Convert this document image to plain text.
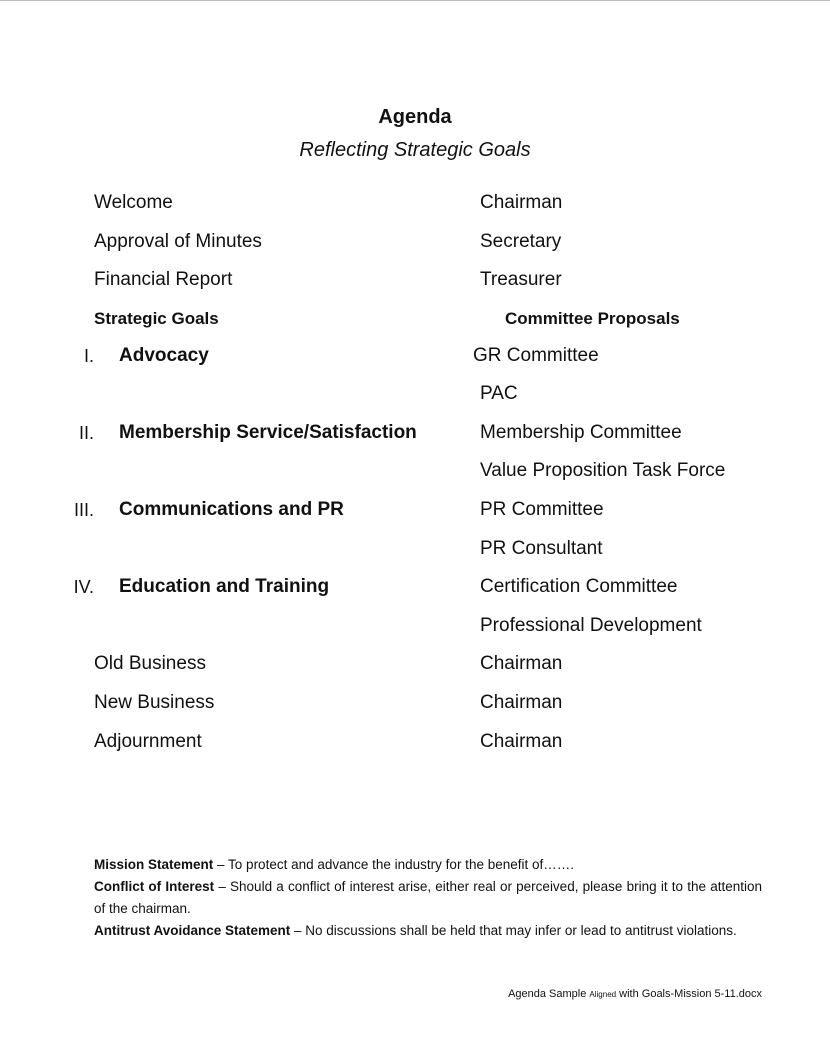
Agenda
Reflecting Strategic Goals
Welcome	Chairman
Approval of Minutes	Secretary
Financial Report	Treasurer
Strategic Goals	Committee Proposals
I. Advocacy	GR Committee
PAC
II. Membership Service/Satisfaction	Membership Committee
Value Proposition Task Force
III. Communications and PR	PR Committee
PR Consultant
IV. Education and Training	Certification Committee
Professional Development
Old Business	Chairman
New Business	Chairman
Adjournment	Chairman

Mission Statement – To protect and advance the industry for the benefit of…….

Conflict of Interest – Should a conflict of interest arise, either real or perceived, please bring it to the attention of the chairman.

Antitrust Avoidance Statement – No discussions shall be held that may infer or lead to antitrust violations.

Agenda Sample Aligned with Goals-Mission 5-11.docx
